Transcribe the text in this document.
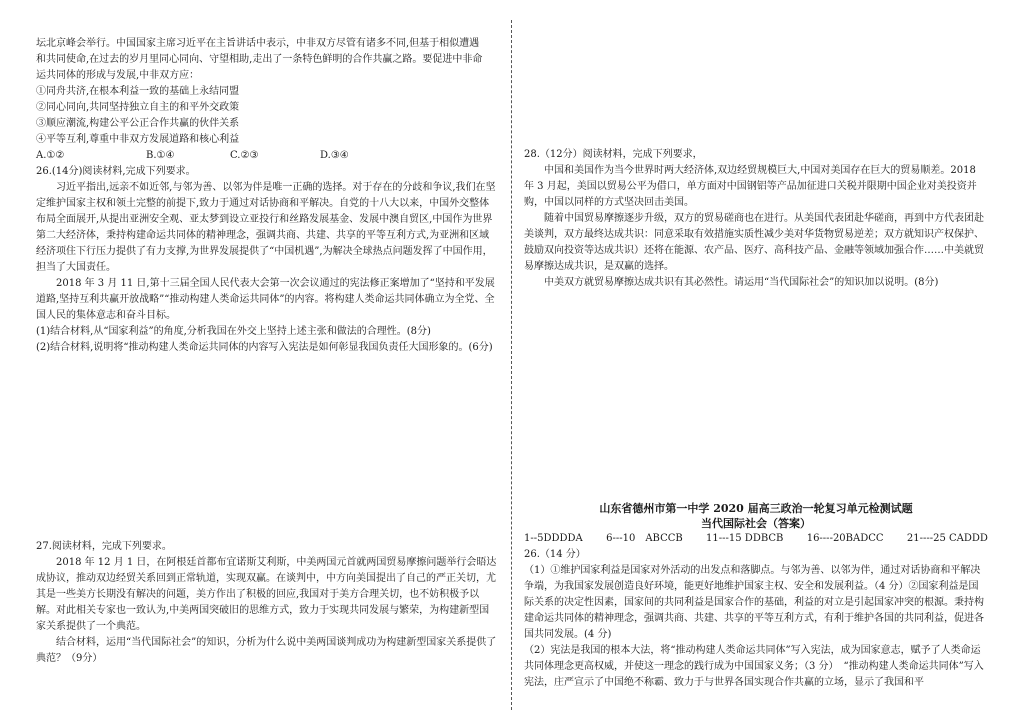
坛北京峰会举行。中国国家主席习近平在主旨讲话中表示，中非双方尽管有诸多不同,但基于相似遭遇

和共同使命,在过去的岁月里同心同向、守望相助,走出了一条特色鲜明的合作共赢之路。要促进中非命

运共同体的形成与发展,中非双方应：

①同舟共济,在根本利益一致的基础上永结同盟

②同心同向,共同坚持独立自主的和平外交政策

③顺应潮流,构建公平公正合作共赢的伙伴关系

④平等互利,尊重中非双方发展道路和核心利益

A.①②	B.①④	C.②③	D.③④

26.(14分)阅读材料,完成下列要求。

习近平指出,远亲不如近邻,与邻为善、以邻为伴是唯一正确的选择。对于存在的分歧和争议,我们在坚定维护国家主权和领土完整的前提下,致力于通过对话协商和平解决。自党的十八大以来，中国外交整体布局全面展开,从提出亚洲安全观、亚太梦到设立亚投行和丝路发展基金、发展中澳自贸区,中国作为世界第二大经济体，秉持构建命运共同体的精神理念，强调共商、共建、共享的平等互利方式,为亚洲和区域经济项住下行压力提供了有力支撑,为世界发展提供了“中国机遇”,为解决全球热点问题发挥了中国作用，担当了大国责任。

2018 年 3 月 11 日,第十三届全国人民代表大会第一次会议通过的宪法修正案增加了“坚持和平发展道路,坚持互利共赢开放战略”“推动构建人类命运共同体”的内容。将构建人类命运共同体确立为全党、全国人民的集体意志和奋斗目标。

(1)结合材料,从“国家利益”的角度,分析我国在外交上坚持上述主张和做法的合理性。(8分)

(2)结合材料,说明将“推动构建人类命运共同体的内容写入宪法是如何彰显我国负责任大国形象的。(6分)

27.阅读材料，完成下列要求。

2018 年 12 月 1 日，在阿根廷首都布宜诺斯艾利斯，中美两国元首就两国贸易摩擦问题举行会晤达成协议，推动双边经贸关系回到正常轨道，实现双赢。在谈判中，中方向美国提出了自己的严正关切，尤其是一些美方长期没有解决的问题，美方作出了积极的回应,我国对于美方合理关切，也不妨积极予以解。对此相关专家也一致认为,中美两国突破旧的思维方式，致力于实现共同发展与繁荣，为构建新型国家关系提供了一个典范。

结合材料，运用“当代国际社会”的知识，分析为什么说中美两国谈判成功为构建新型国家关系提供了典范？（9分）

28.（12分）阅读材料，完成下列要求，

中国和美国作为当今世界时两大经济体,双边经贸规模巨大,中国对美国存在巨大的贸易顺差。2018 年 3 月起，美国以贸易公平为借口，单方面对中国钢铝等产品加征进口关税并限期中国企业对美投资并购，中国以同样的方式坚决回击美国。

随着中国贸易摩擦逐步升级，双方的贸易磋商也在进行。从美国代表团赴华磋商，再到中方代表团赴美谈判，双方最终达成共识：同意采取有效措施实质性减少美对华货物贸易逆差；双方就知识产权保护、鼓励双向投资等达成共识）还将在能源、农产品、医疗、高科技产品、金融等领域加强合作……中美就贸易摩擦达成共识，是双赢的选择。

中美双方就贸易摩擦达成共识有其必然性。请运用“当代国际社会”的知识加以说明。(8分)

山东省德州市第一中学 2020 届高三政治一轮复习单元检测试题
当代国际社会（答案）
1--5DDDDA 6---10　ABCCB 11---15 DDBCB 16----20BADCC 21----25 CADDD

26.（14 分）

（1）①维护国家利益是国家对外活动的出发点和落脚点。与邻为善、以邻为伴，通过对话协商和平解决争端，为我国家发展创造良好环境，能更好地维护国家主权、安全和发展利益。（4 分）②国家利益是国际关系的决定性因素，国家间的共同利益是国家合作的基础，利益的对立是引起国家冲突的根源。秉持构建命运共同体的精神理念，强调共商、共建、共享的平等互利方式，有利于维护各国的共同利益，促进各国共同发展。(4 分)

（2）宪法是我国的根本大法，将“推动构建人类命运共同体”写入宪法，成为国家意志，赋予了人类命运共同体理念更高权威，并使这一理念的践行成为中国国家义务；（3 分）　“推动构建人类命运共同体”写入宪法，庄严宣示了中国绝不称霸、致力于与世界各国实现合作共赢的立场，显示了我国和平
